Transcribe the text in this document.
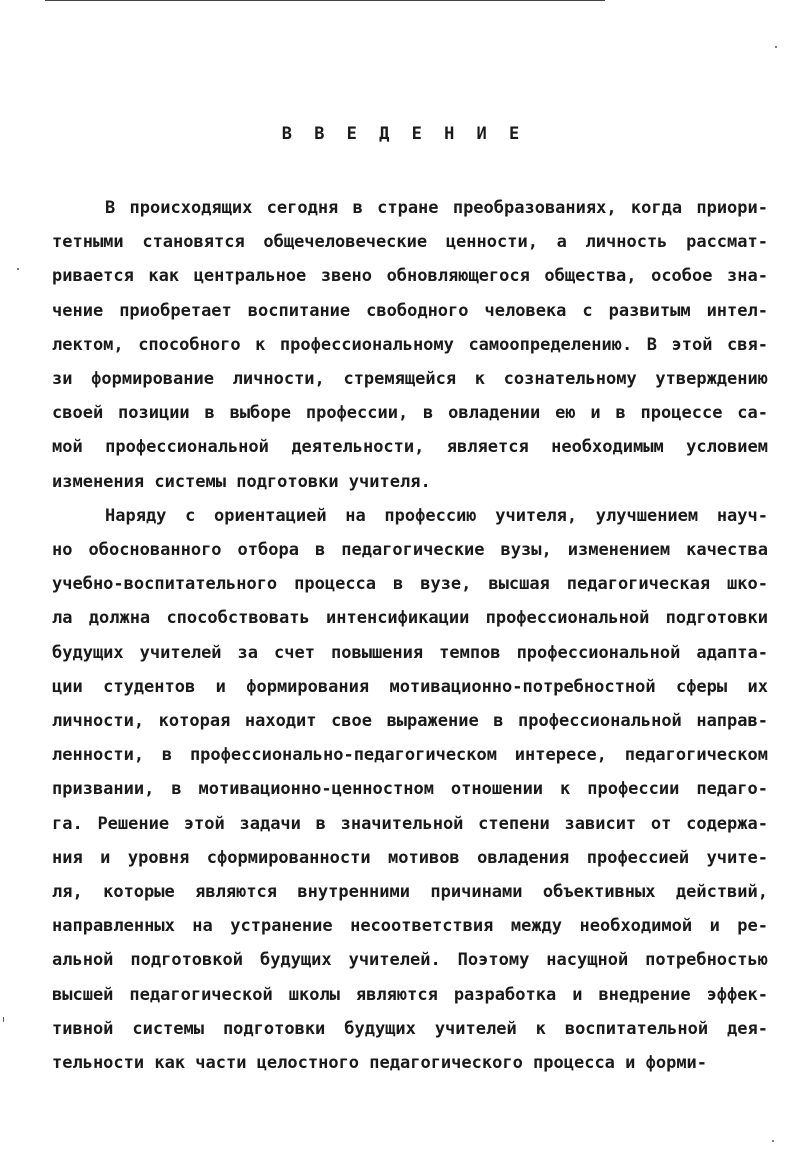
В В Е Д Е Н И Е
В происходящих сегодня в стране преобразованиях, когда приори-
тетными становятся общечеловеческие ценности, а личность рассмат-
ривается как центральное звено обновляющегося общества, особое зна-
чение приобретает воспитание свободного человека с развитым интел-
лектом, способного к профессиональному самоопределению. В этой свя-
зи формирование личности, стремящейся к сознательному утверждению
своей позиции в выборе профессии, в овладении ею и в процессе са-
мой профессиональной деятельности, является необходимым условием
изменения системы подготовки учителя.
Наряду с ориентацией на профессию учителя, улучшением науч-
но обоснованного отбора в педагогические вузы, изменением качества
учебно-воспитательного процесса в вузе, высшая педагогическая шко-
ла должна способствовать интенсификации профессиональной подготовки
будущих учителей за счет повышения темпов профессиональной адапта-
ции студентов и формирования мотивационно-потребностной сферы их
личности, которая находит свое выражение в профессиональной направ-
ленности, в профессионально-педагогическом интересе, педагогическом
призвании, в мотивационно-ценностном отношении к профессии педаго-
га. Решение этой задачи в значительной степени зависит от содержа-
ния и уровня сформированности мотивов овладения профессией учите-
ля, которые являются внутренними причинами объективных действий,
направленных на устранение несоответствия между необходимой и ре-
альной подготовкой будущих учителей. Поэтому насущной потребностью
высшей педагогической школы являются разработка и внедрение эффек-
тивной системы подготовки будущих учителей к воспитательной дея-
тельности как части целостного педагогического процесса и форми-
